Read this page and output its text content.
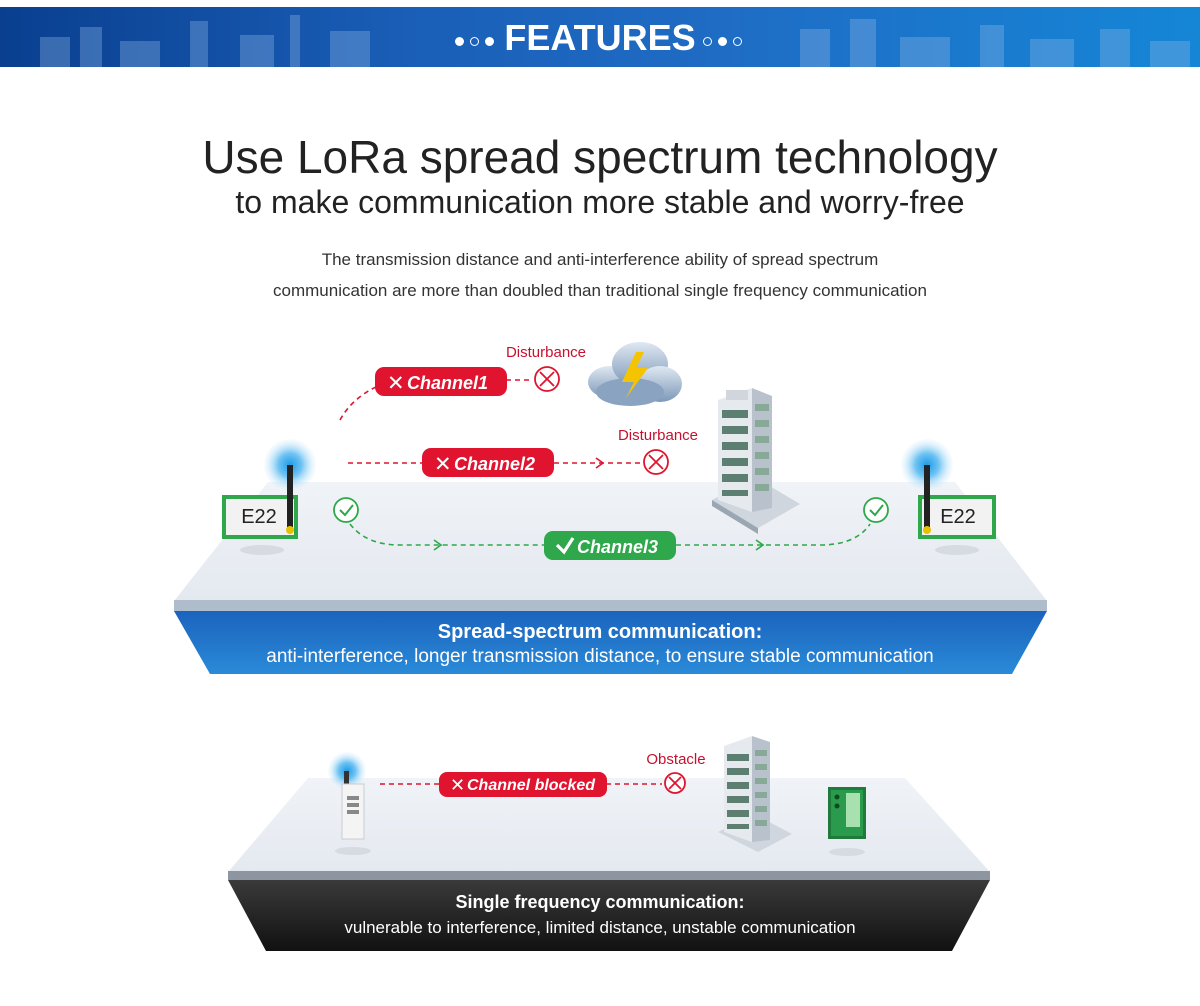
FEATURES
Use LoRa spread spectrum technology
to make communication more stable and worry-free
The transmission distance and anti-interference ability of spread spectrum
communication are more than doubled than traditional single frequency communication
E22	E22
✕ Channel1
Disturbance
✕ Channel2
Disturbance
Channel3
✕ Channel blocked
Obstacle
Spread-spectrum communication:
anti-interference, longer transmission distance, to ensure stable communication
Single frequency communication:
vulnerable to interference, limited distance, unstable communication
